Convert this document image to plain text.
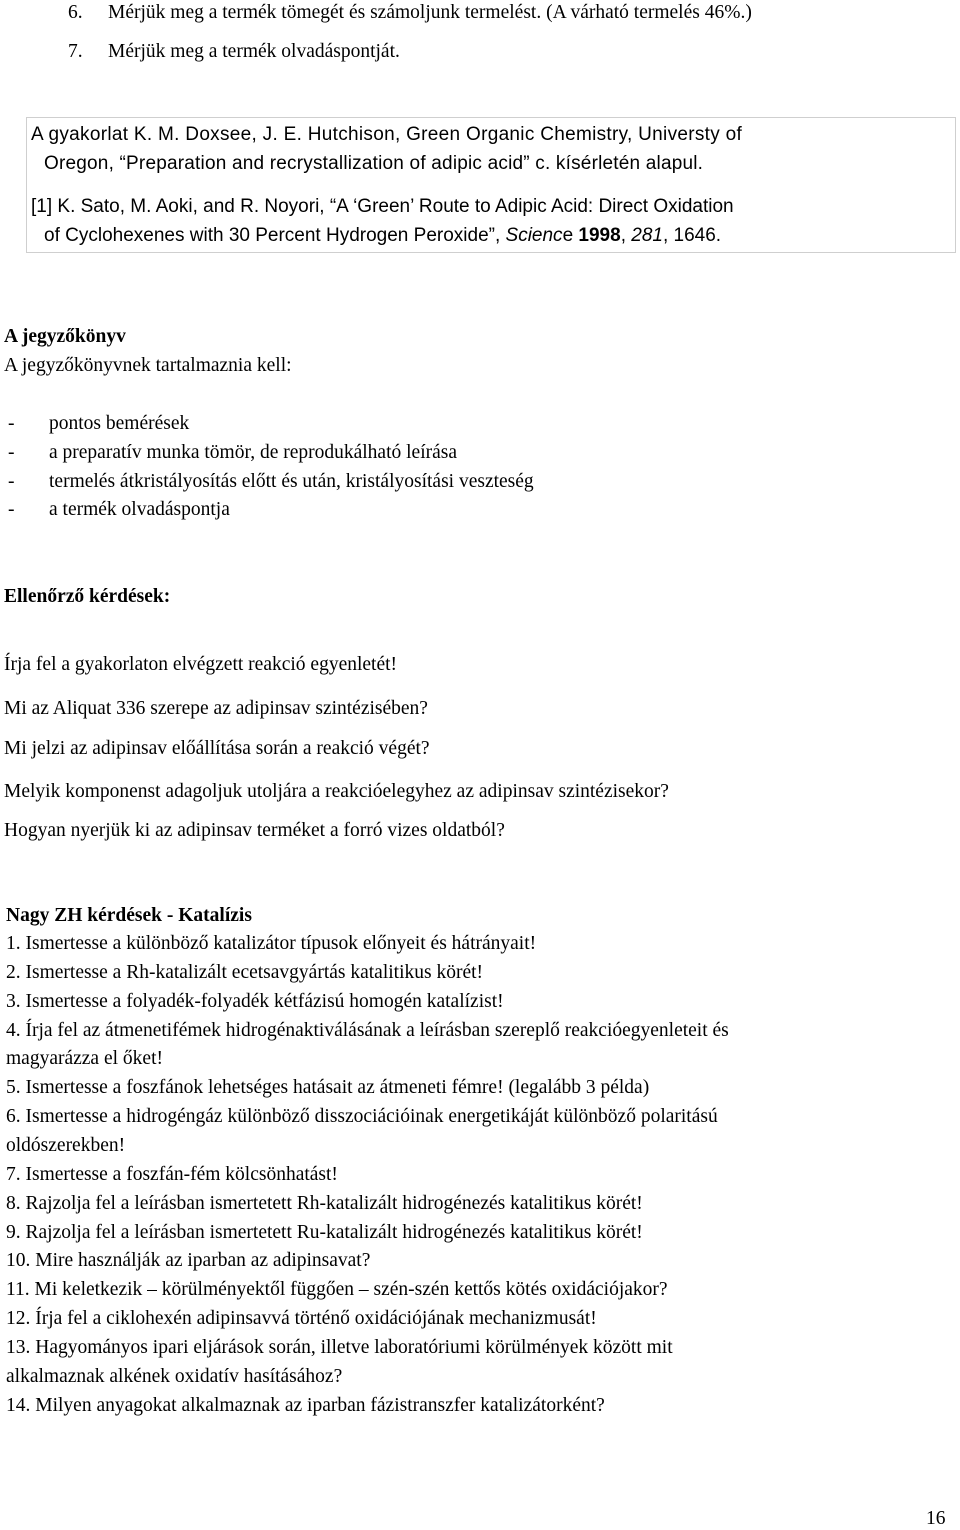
6. Mérjük meg a termék tömegét és számoljunk termelést. (A várható termelés 46%.)
7. Mérjük meg a termék olvadáspontját.
A gyakorlat K. M. Doxsee, J. E. Hutchison, Green Organic Chemistry, Universty of
Oregon, “Preparation and recrystallization of adipic acid” c. kísérletén alapul.
[1] K. Sato, M. Aoki, and R. Noyori, “A ‘Green’ Route to Adipic Acid: Direct Oxidation
of Cyclohexenes with 30 Percent Hydrogen Peroxide”, Science 1998, 281, 1646.
A jegyzőkönyv
A jegyzőkönyvnek tartalmaznia kell:
- pontos bemérések
- a preparatív munka tömör, de reprodukálható leírása
- termelés átkristályosítás előtt és után, kristályosítási veszteség
- a termék olvadáspontja
Ellenőrző kérdések:
Írja fel a gyakorlaton elvégzett reakció egyenletét!
Mi az Aliquat 336 szerepe az adipinsav szintézisében?
Mi jelzi az adipinsav előállítása során a reakció végét?
Melyik komponenst adagoljuk utoljára a reakcióelegyhez az adipinsav szintézisekor?
Hogyan nyerjük ki az adipinsav terméket a forró vizes oldatból?
Nagy ZH kérdések - Katalízis
1. Ismertesse a különböző katalizátor típusok előnyeit és hátrányait!
2. Ismertesse a Rh-katalizált ecetsavgyártás katalitikus körét!
3. Ismertesse a folyadék-folyadék kétfázisú homogén katalízist!
4. Írja fel az átmenetifémek hidrogénaktiválásának a leírásban szereplő reakcióegyenleteit és
magyarázza el őket!
5. Ismertesse a foszfánok lehetséges hatásait az átmeneti fémre! (legalább 3 példa)
6. Ismertesse a hidrogéngáz különböző disszociációinak energetikáját különböző polaritású
oldószerekben!
7. Ismertesse a foszfán-fém kölcsönhatást!
8. Rajzolja fel a leírásban ismertetett Rh-katalizált hidrogénezés katalitikus körét!
9. Rajzolja fel a leírásban ismertetett Ru-katalizált hidrogénezés katalitikus körét!
10. Mire használják az iparban az adipinsavat?
11. Mi keletkezik – körülményektől függően – szén-szén kettős kötés oxidációjakor?
12. Írja fel a ciklohexén adipinsavvá történő oxidációjának mechanizmusát!
13. Hagyományos ipari eljárások során, illetve laboratóriumi körülmények között mit
alkalmaznak alkének oxidatív hasításához?
14. Milyen anyagokat alkalmaznak az iparban fázistranszfer katalizátorként?
16
